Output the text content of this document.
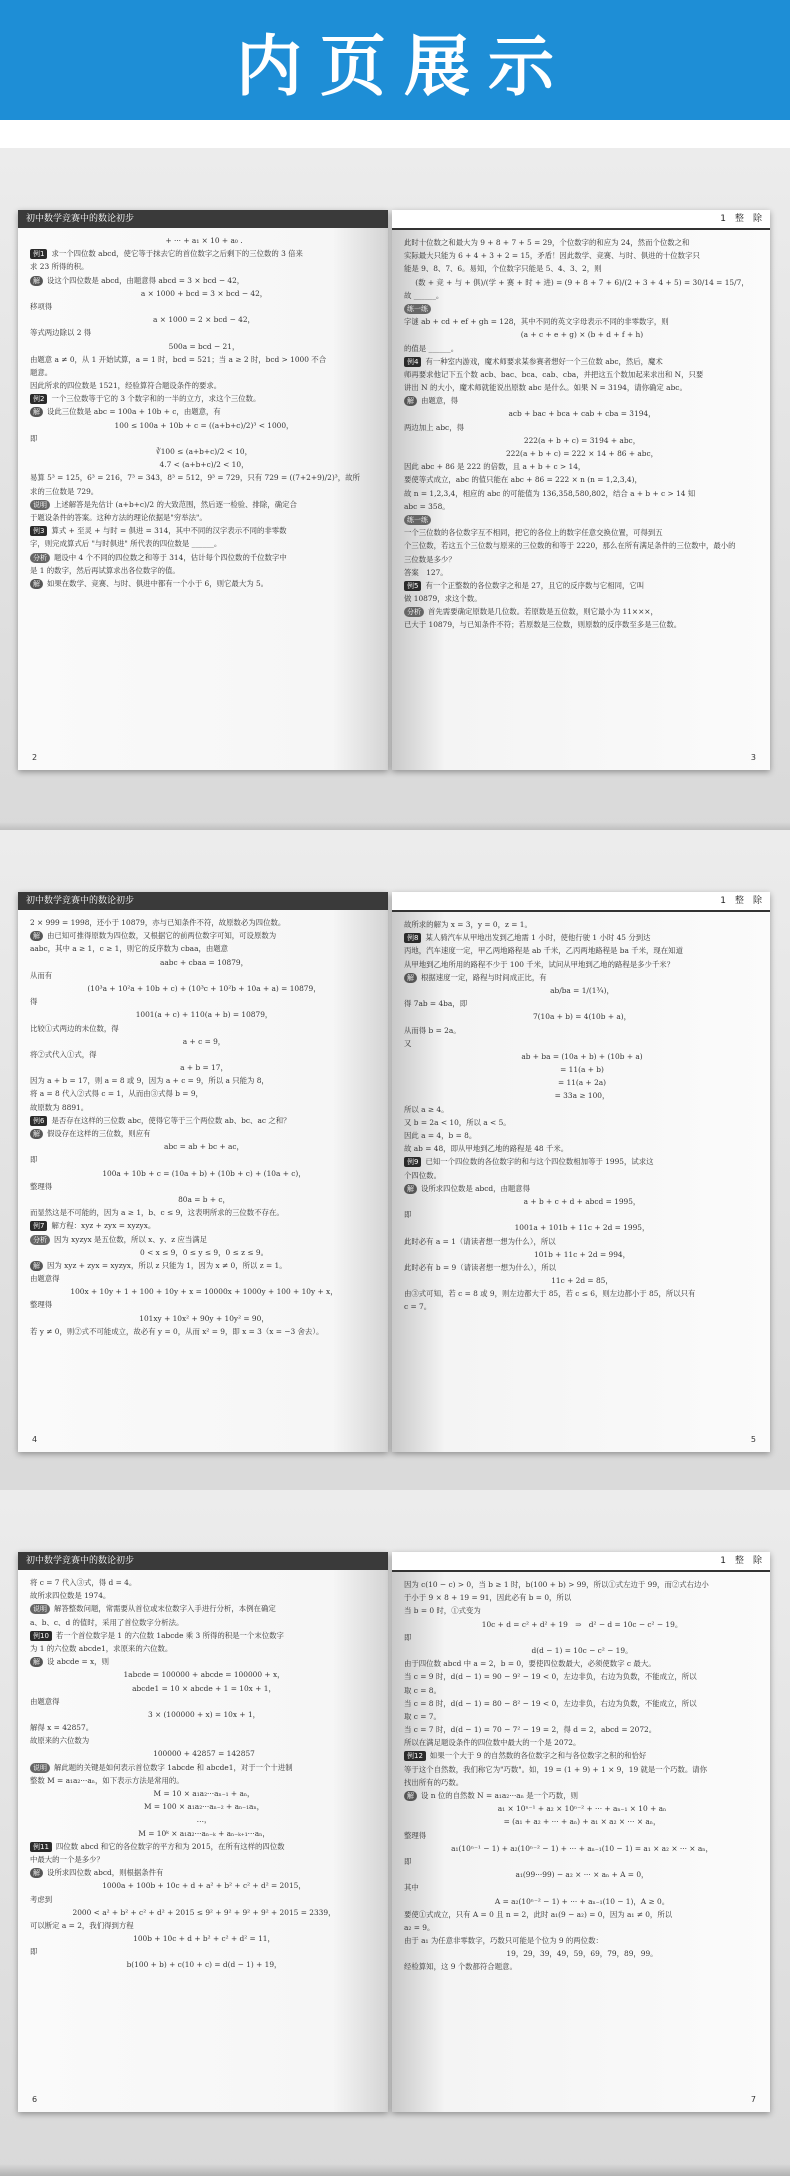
内页展示
初中数学竞赛中的数论初步
+ ··· + a₁ × 10 + a₀ .
例1 求一个四位数 abcd，使它等于抹去它的首位数字之后剩下的三位数的 3 倍来
求 23 所得的积。
解 设这个四位数是 abcd，由题意得 abcd = 3 × bcd − 42，
a × 1000 + bcd = 3 × bcd − 42，
移项得
a × 1000 = 2 × bcd − 42，
等式两边除以 2 得
500a = bcd − 21，
由题意 a ≠ 0，从 1 开始试算，a = 1 时，bcd = 521；当 a ≥ 2 时，bcd > 1000 不合
题意。
因此所求的四位数是 1521，经验算符合题设条件的要求。
例2 一个三位数等于它的 3 个数字和的一半的立方，求这个三位数。
解 设此三位数是 abc = 100a + 10b + c，由题意，有
100 ≤ 100a + 10b + c = ((a+b+c)/2)³ < 1000，
即
∛100 ≤ (a+b+c)/2 < 10，
4.7 < (a+b+c)/2 < 10，
易算 5³ = 125，6³ = 216，7³ = 343，8³ = 512，9³ = 729，只有 729 = ((7+2+9)/2)³，故所
求的三位数是 729。
说明 上述解答是先估计 (a+b+c)/2 的大致范围，然后逐一检验、排除，确定合
于题设条件的答案。这种方法的理论依据是"穷举法"。
例3 算式 + 至灵 + 与时 = 俱进 = 314，其中不同的汉字表示不同的非零数
字，则完成算式后 "与时俱进" 所代表的四位数是 ______。
分析 题设中 4 个不同的四位数之和等于 314，估计每个四位数的千位数字中
是 1 的数字，然后再试算求出各位数字的值。
解 如果在数学、竞赛、与时、俱进中都有一个小于 6，则它最大为 5。
2
1　整　除
此时十位数之和最大为 9 + 8 + 7 + 5 = 29，个位数字的和应为 24，然而个位数之和
实际最大只能为 6 + 4 + 3 + 2 = 15，矛盾！因此数学、竞赛、与时、俱进的十位数字只
能是 9、8、7、6。易知，个位数字只能是 5、4、3、2，则
(数 + 竞 + 与 + 俱)/(学 + 赛 + 时 + 进) = (9 + 8 + 7 + 6)/(2 + 3 + 4 + 5) = 30/14 = 15/7，
故 ______。
练一练
字谜 ab + cd + ef + gh = 128，其中不同的英文字母表示不同的非零数字，则
(a + c + e + g) × (b + d + f + h)
的值是 ______。
例4 有一种室内游戏，魔术师要求某参赛者想好一个三位数 abc，然后，魔术
师再要求他记下五个数 acb、bac、bca、cab、cba，并把这五个数加起来求出和 N，只要
讲出 N 的大小，魔术师就能说出原数 abc 是什么。如果 N = 3194，请你确定 abc。
解 由题意，得
acb + bac + bca + cab + cba = 3194，
两边加上 abc，得
222(a + b + c) = 3194 + abc，
222(a + b + c) = 222 × 14 + 86 + abc，
因此 abc + 86 是 222 的倍数，且 a + b + c > 14，
要使等式成立，abc 的值只能在 abc + 86 = 222 × n (n = 1,2,3,4)，
故 n = 1,2,3,4，相应的 abc 的可能值为 136,358,580,802，结合 a + b + c > 14 知
abc = 358。
练一练
一个三位数的各位数字互不相同，把它的各位上的数字任意交换位置，可得到五
个三位数，若这五个三位数与原来的三位数的和等于 2220，那么在所有满足条件的三位数中，最小的
三位数是多少？
答案　127。
例5 有一个正整数的各位数字之和是 27，且它的反序数与它相同，它叫
做 10879，求这个数。
分析 首先需要确定原数是几位数。若原数是五位数，则它最小为 11×××，
已大于 10879，与已知条件不符；若原数是三位数，则原数的反序数至多是三位数。
3
初中数学竞赛中的数论初步
2 × 999 = 1998，还小于 10879，亦与已知条件不符，故原数必为四位数。
解 由已知可推得原数为四位数，又根据它的前两位数字可知，可设原数为
aabc，其中 a ≥ 1，c ≥ 1，则它的反序数为 cbaa，由题意
aabc + cbaa = 10879，
从而有
(10³a + 10²a + 10b + c) + (10³c + 10²b + 10a + a) = 10879，
得
1001(a + c) + 110(a + b) = 10879，
比较①式两边的未位数，得
a + c = 9，
将②式代入①式，得
a + b = 17，
因为 a + b = 17，则 a = 8 或 9，因为 a + c = 9，所以 a 只能为 8，
将 a = 8 代入②式得 c = 1，从而由③式得 b = 9，
故原数为 8891。
例6 是否存在这样的三位数 abc，使得它等于三个两位数 ab、bc、ac 之和？
解 假设存在这样的三位数，则应有
abc = ab + bc + ac，
即
100a + 10b + c = (10a + b) + (10b + c) + (10a + c)，
整理得
80a = b + c，
而显然这是不可能的，因为 a ≥ 1，b、c ≤ 9，这表明所求的三位数不存在。
例7 解方程：xyz + zyx = xyzyx。
分析 因为 xyzyx 是五位数，所以 x、y、z 应当满足
0 < x ≤ 9，0 ≤ y ≤ 9，0 ≤ z ≤ 9。
解 因为 xyz + zyx = xyzyx，所以 z 只能为 1，因为 x ≠ 0，所以 z = 1。
由题意得
100x + 10y + 1 + 100 + 10y + x = 10000x + 1000y + 100 + 10y + x，
整理得
101xy + 10x² + 90y + 10y² = 90，
若 y ≠ 0，则②式不可能成立，故必有 y = 0，从而 x² = 9，即 x = 3（x = −3 舍去）。
4
1　整　除
故所求的解为 x = 3，y = 0，z = 1。
例8 某人骑汽车从甲地出发到乙地需 1 小时，使他行驶 1 小时 45 分到达
丙地，汽车速度一定，甲乙两地路程是 ab 千米，乙丙两地路程是 ba 千米，现在知道
从甲地到乙地所用的路程不少于 100 千米，试问从甲地到乙地的路程是多少千米？
解 根据速度一定，路程与时间成正比，有
ab/ba = 1/(1¾)，
得 7ab = 4ba，即
7(10a + b) = 4(10b + a)，
从而得 b = 2a。
又
ab + ba = (10a + b) + (10b + a)
= 11(a + b)
= 11(a + 2a)
= 33a ≥ 100，
所以 a ≥ 4。
又 b = 2a < 10，所以 a < 5。
因此 a = 4，b = 8。
故 ab = 48，即从甲地到乙地的路程是 48 千米。
例9 已知一个四位数的各位数字的和与这个四位数相加等于 1995，试求这
个四位数。
解 设所求四位数是 abcd，由题意得
a + b + c + d + abcd = 1995，
即
1001a + 101b + 11c + 2d = 1995，
此时必有 a = 1（请读者想一想为什么），所以
101b + 11c + 2d = 994，
此时必有 b = 9（请读者想一想为什么），所以
11c + 2d = 85，
由③式可知，若 c = 8 或 9，则左边都大于 85，若 c ≤ 6，则左边都小于 85，所以只有
c = 7。
5
初中数学竞赛中的数论初步
将 c = 7 代入③式，得 d = 4。
故所求四位数是 1974。
说明 解答整数问题，常需要从首位或末位数字入手进行分析，本例在确定
a、b、c、d 的值时，采用了首位数字分析法。
例10 若一个首位数字是 1 的六位数 1abcde 乘 3 所得的积是一个末位数字
为 1 的六位数 abcde1，求原来的六位数。
解 设 abcde = x，则
1abcde = 100000 + abcde = 100000 + x，
abcde1 = 10 × abcde + 1 = 10x + 1，
由题意得
3 × (100000 + x) = 10x + 1，
解得 x = 42857。
故原来的六位数为
100000 + 42857 = 142857
说明 解此题的关键是如何表示首位数字 1abcde 和 abcde1，对于一个十进制
整数 M = a₁a₂···aₙ，如下表示方法是常用的。
M = 10 × a₁a₂···aₙ₋₁ + aₙ，
M = 100 × a₁a₂···aₙ₋₂ + aₙ₋₁aₙ，
…，
M = 10ᵏ × a₁a₂···aₙ₋ₖ + aₙ₋ₖ₊₁···aₙ，
例11 四位数 abcd 和它的各位数字的平方和为 2015，在所有这样的四位数
中最大的一个是多少？
解 设所求四位数 abcd，则根据条件有
1000a + 100b + 10c + d + a² + b² + c² + d² = 2015，
考虑到
2000 < a² + b² + c² + d² + 2015 ≤ 9² + 9² + 9² + 9² + 2015 = 2339，
可以断定 a = 2，我们得到方程
100b + 10c + d + b² + c² + d² = 11，
即
b(100 + b) + c(10 + c) = d(d − 1) + 19，
6
1　整　除
因为 c(10 − c) > 0，当 b ≥ 1 时，b(100 + b) > 99，所以①式左边于 99，而②式右边小
于小于 9 × 8 + 19 = 91，因此必有 b = 0，所以
当 b = 0 时，①式变为
10c + d = c² + d² + 19　⇒　d² − d = 10c − c² − 19。
即
d(d − 1) = 10c − c² − 19。
由于四位数 abcd 中 a = 2，b = 0，要使四位数最大，必须使数字 c 最大。
当 c = 9 时，d(d − 1) = 90 − 9² − 19 < 0，左边非负，右边为负数，不能成立，所以
取 c = 8。
当 c = 8 时，d(d − 1) = 80 − 8² − 19 < 0，左边非负，右边为负数，不能成立，所以
取 c = 7。
当 c = 7 时，d(d − 1) = 70 − 7² − 19 = 2，得 d = 2，abcd = 2072。
所以在满足题设条件的四位数中最大的一个是 2072。
例12 如果一个大于 9 的自然数的各位数字之和与各位数字之积的和恰好
等于这个自然数，我们称它为"巧数"。如，19 = (1 + 9) + 1 × 9，19 就是一个巧数。请你
找出所有的巧数。
解 设 n 位的自然数 N = a₁a₂···aₙ 是一个巧数，则
a₁ × 10ⁿ⁻¹ + a₂ × 10ⁿ⁻² + ··· + aₙ₋₁ × 10 + aₙ
= (a₁ + a₂ + ··· + aₙ) + a₁ × a₂ × ··· × aₙ，
整理得
a₁(10ⁿ⁻¹ − 1) + a₂(10ⁿ⁻² − 1) + ··· + aₙ₋₁(10 − 1) = a₁ × a₂ × ··· × aₙ，
即
a₁(99···99) − a₂ × ··· × aₙ + A = 0，
其中
A = a₂(10ⁿ⁻² − 1) + ··· + aₙ₋₁(10 − 1)，A ≥ 0。
要使①式成立，只有 A = 0 且 n = 2，此时 a₁(9 − a₂) = 0，因为 a₁ ≠ 0，所以
a₂ = 9。
由于 a₁ 为任意非零数字，巧数只可能是个位为 9 的两位数：
19，29，39，49，59，69，79，89，99。
经检算知，这 9 个数都符合题意。
7
